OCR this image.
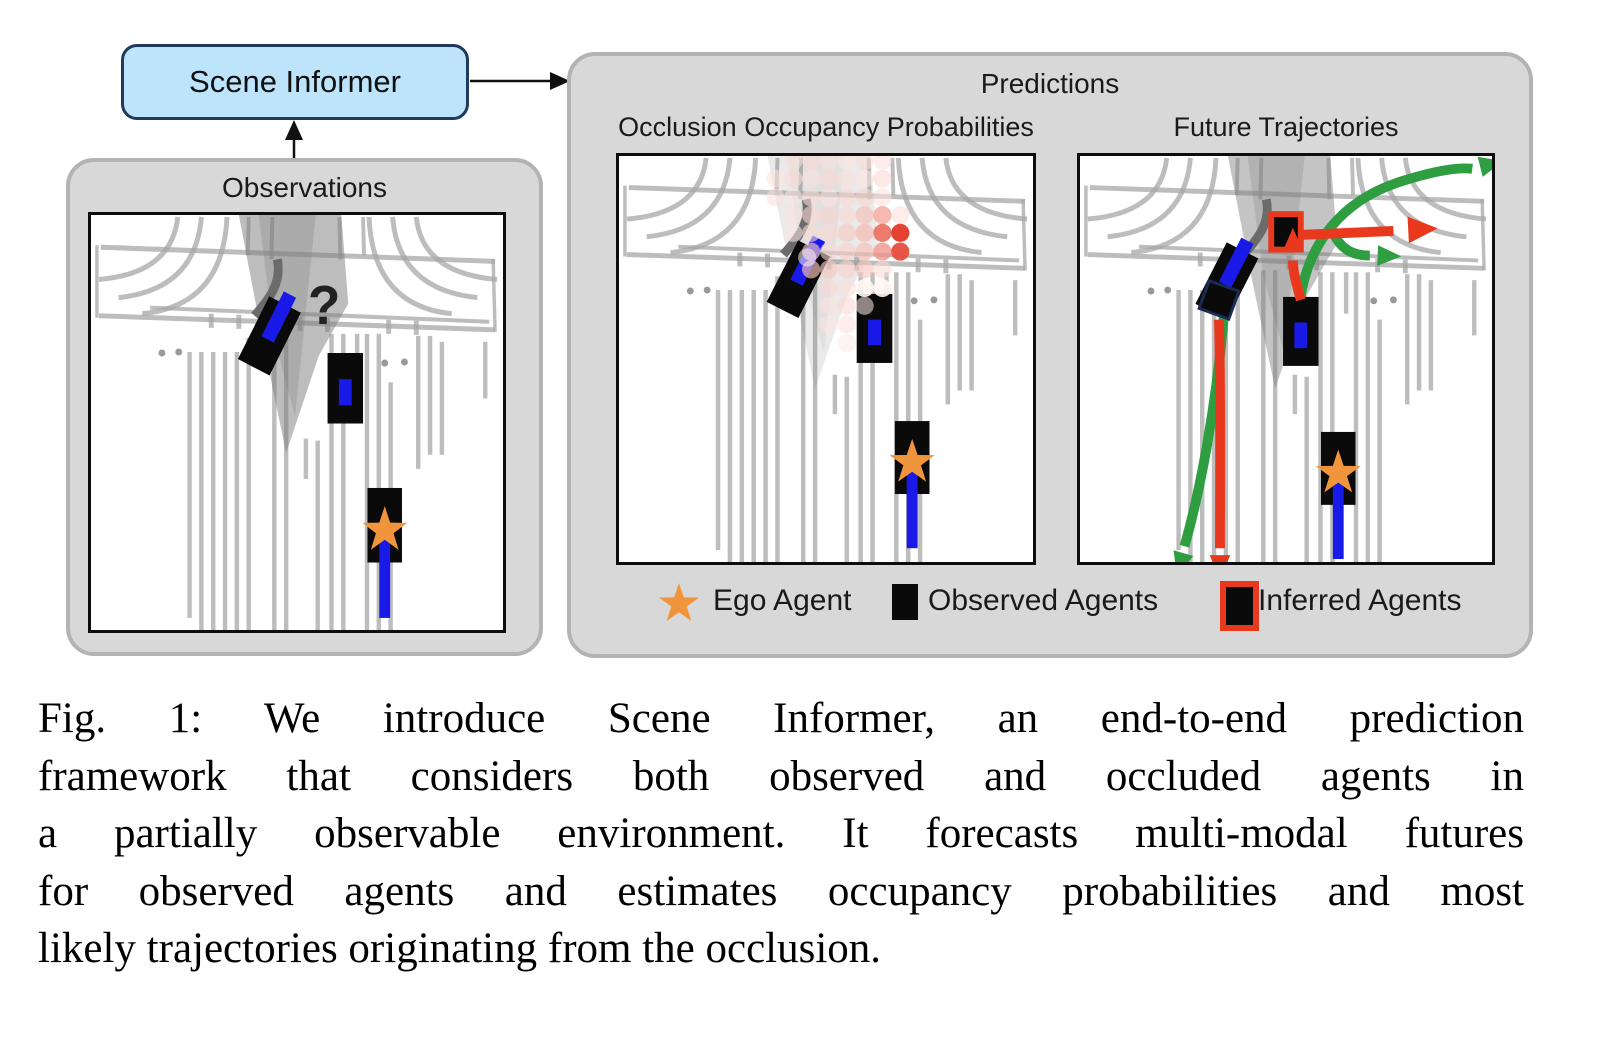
Scene Informer
Observations
?
Predictions
Occlusion Occupancy Probabilities	Future Trajectories
Ego Agent	Observed Agents	Inferred Agents
Fig. 1: We introduce Scene Informer, an end-to-end prediction
framework that considers both observed and occluded agents in
a partially observable environment. It forecasts multi-modal futures
for observed agents and estimates occupancy probabilities and most
likely trajectories originating from the occlusion.
